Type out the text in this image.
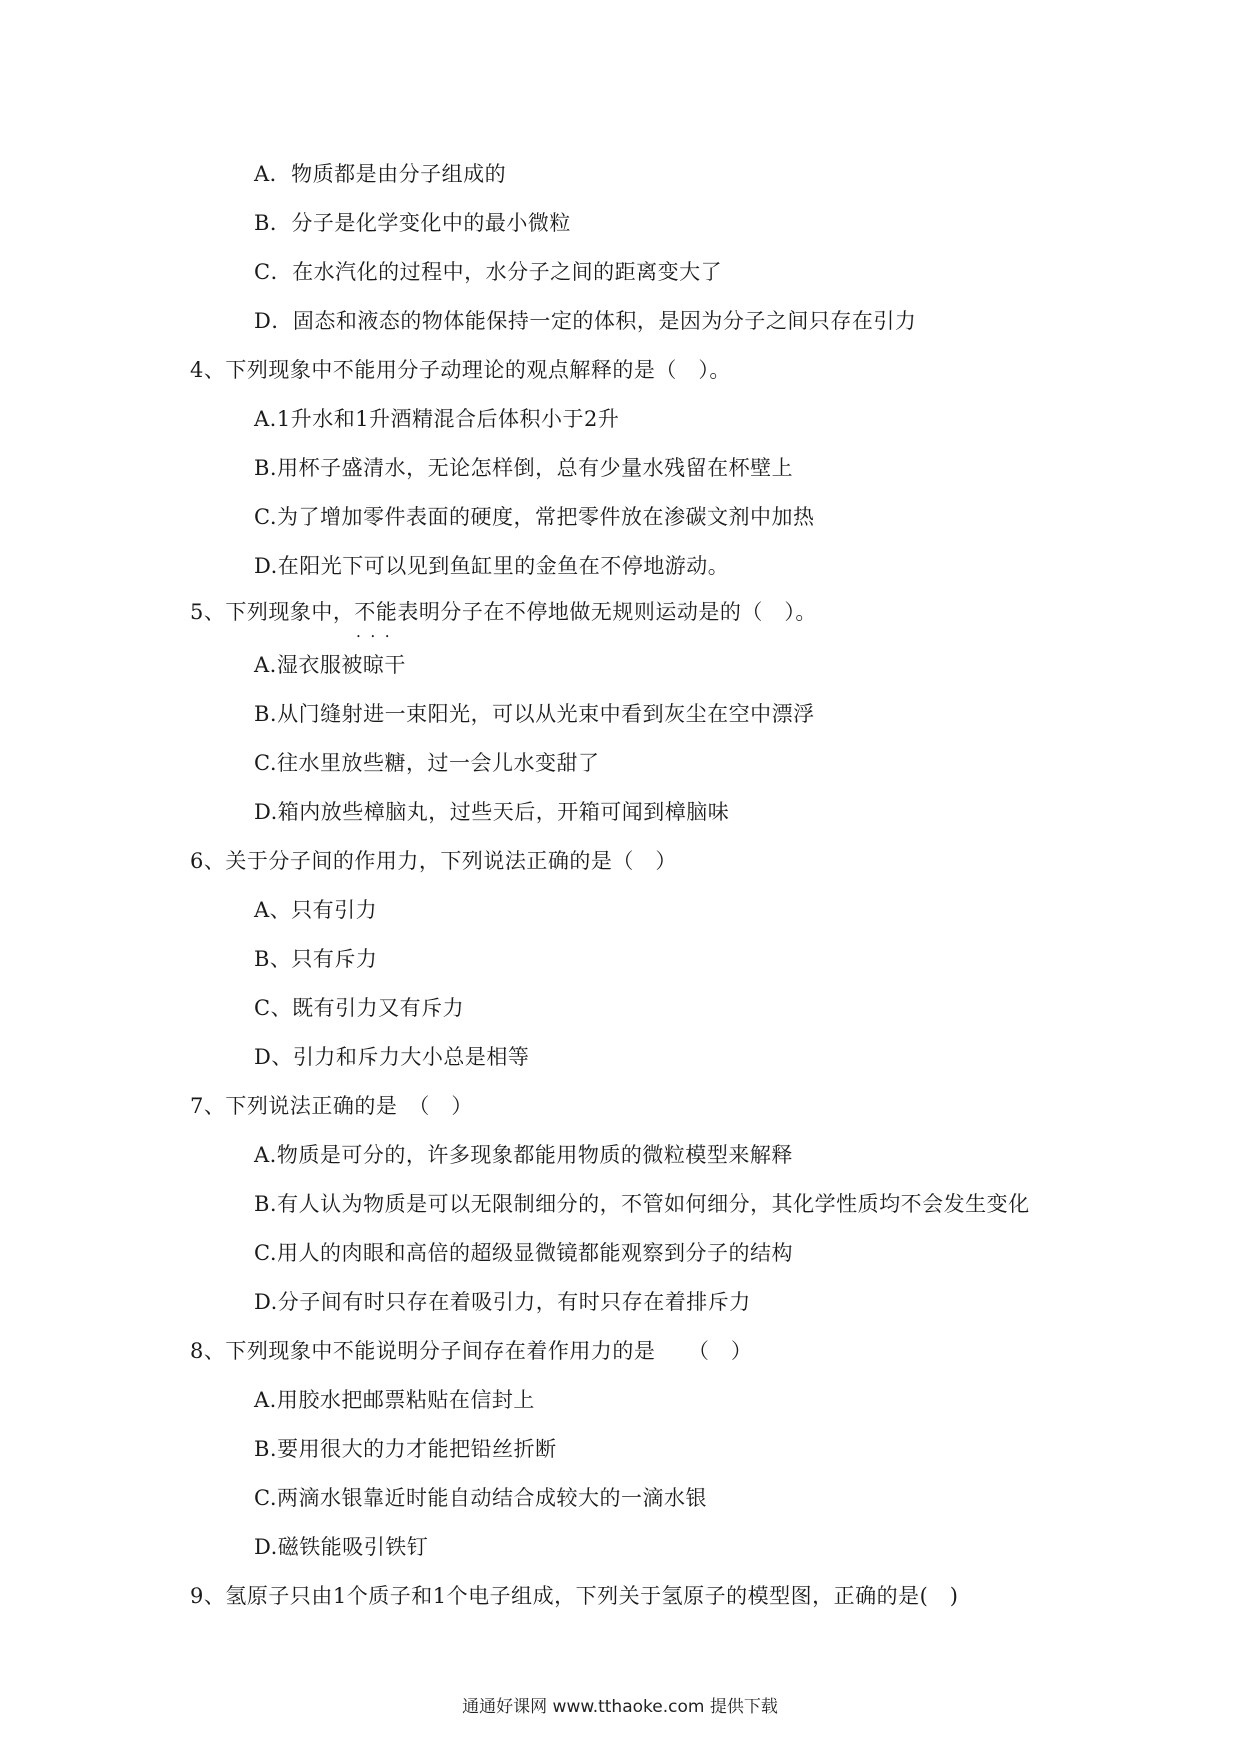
A．物质都是由分子组成的
B．分子是化学变化中的最小微粒
C．在水汽化的过程中，水分子之间的距离变大了
D．固态和液态的物体能保持一定的体积，是因为分子之间只存在引力
4、下列现象中不能用分子动理论的观点解释的是（　）。
A.1升水和1升酒精混合后体积小于2升
B.用杯子盛清水，无论怎样倒，总有少量水残留在杯壁上
C.为了增加零件表面的硬度，常把零件放在渗碳文剂中加热
D.在阳光下可以见到鱼缸里的金鱼在不停地游动。
5、下列现象中，不能 • • •表明分子在不停地做无规则运动是的（　）。
A.湿衣服被晾干
B.从门缝射进一束阳光，可以从光束中看到灰尘在空中漂浮
C.往水里放些糖，过一会儿水变甜了
D.箱内放些樟脑丸，过些天后，开箱可闻到樟脑味
6、关于分子间的作用力，下列说法正确的是（　）
A、只有引力
B、只有斥力
C、既有引力又有斥力
D、引力和斥力大小总是相等
7、下列说法正确的是　（　）
A.物质是可分的，许多现象都能用物质的微粒模型来解释
B.有人认为物质是可以无限制细分的，不管如何细分，其化学性质均不会发生变化
C.用人的肉眼和高倍的超级显微镜都能观察到分子的结构
D.分子间有时只存在着吸引力，有时只存在着排斥力
8、下列现象中不能说明分子间存在着作用力的是　　（　）
A.用胶水把邮票粘贴在信封上
B.要用很大的力才能把铅丝折断
C.两滴水银靠近时能自动结合成较大的一滴水银
D.磁铁能吸引铁钉
9、氢原子只由1个质子和1个电子组成，下列关于氢原子的模型图，正确的是(　)
通通好课网 www.tthaoke.com 提供下载
